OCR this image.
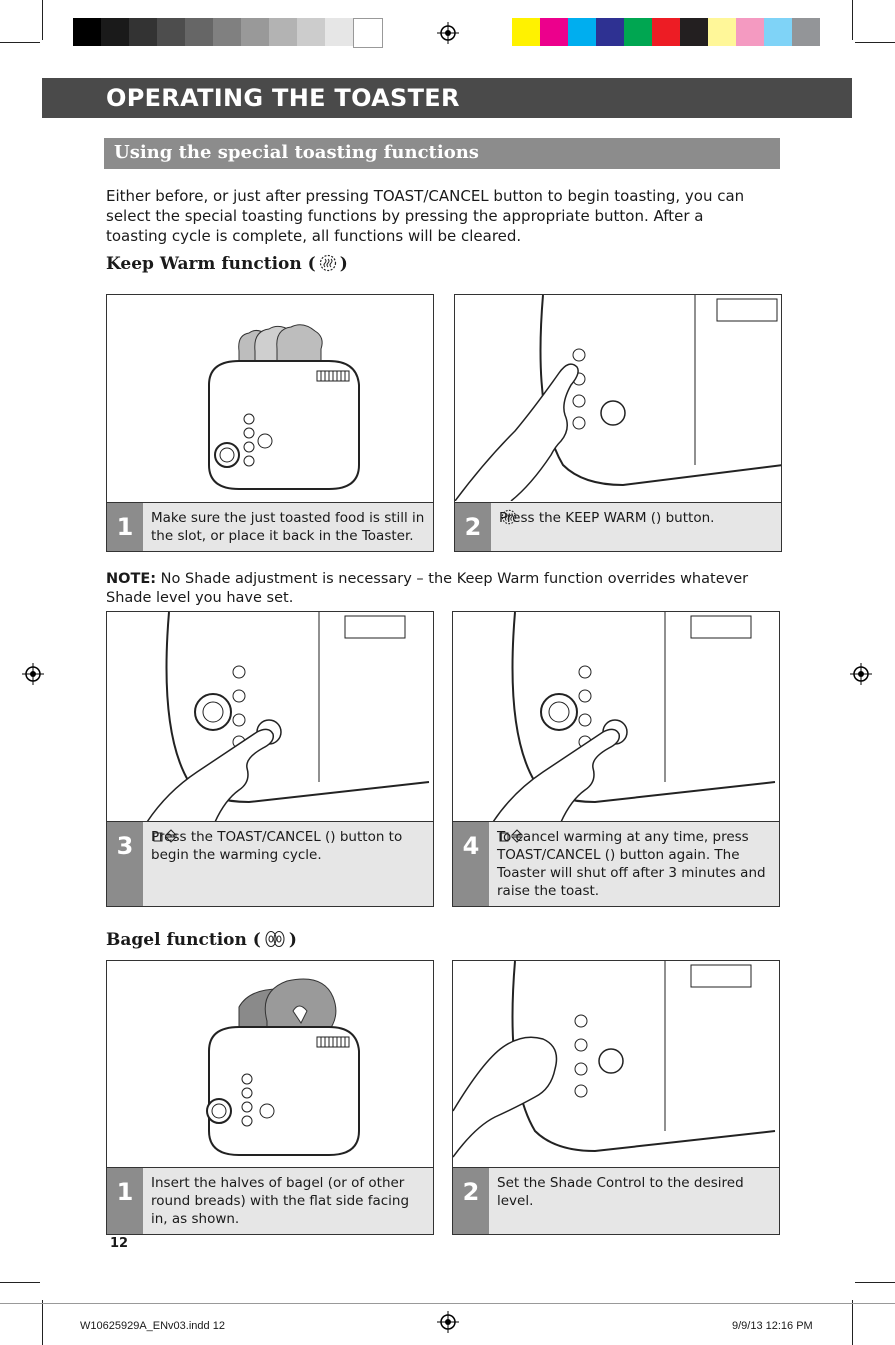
OPERATING THE TOASTER
Using the special toasting functions
Either before, or just after pressing TOAST/CANCEL button to begin toasting, you can select the special toasting functions by pressing the appropriate button. After a toasting cycle is complete, all functions will be cleared.
Keep Warm function ( )
1	Make sure the just toasted food is still in the slot, or place it back in the Toaster.	2	Press the KEEP WARM (
) button.
NOTE: No Shade adjustment is necessary – the Keep Warm function overrides whatever Shade level you have set.
3	Press the TOAST/CANCEL (
) button to begin the warming cycle.	4	To cancel warming at any time, press TOAST/CANCEL (
) button again. The Toaster will shut off after 3 minutes and raise the toast.
Bagel function ( )
1	Insert the halves of bagel (or of other round breads) with the flat side facing in, as shown.
2	Set the Shade Control to the desired level.
12
W10625929A_ENv03.indd 12	9/9/13 12:16 PM
